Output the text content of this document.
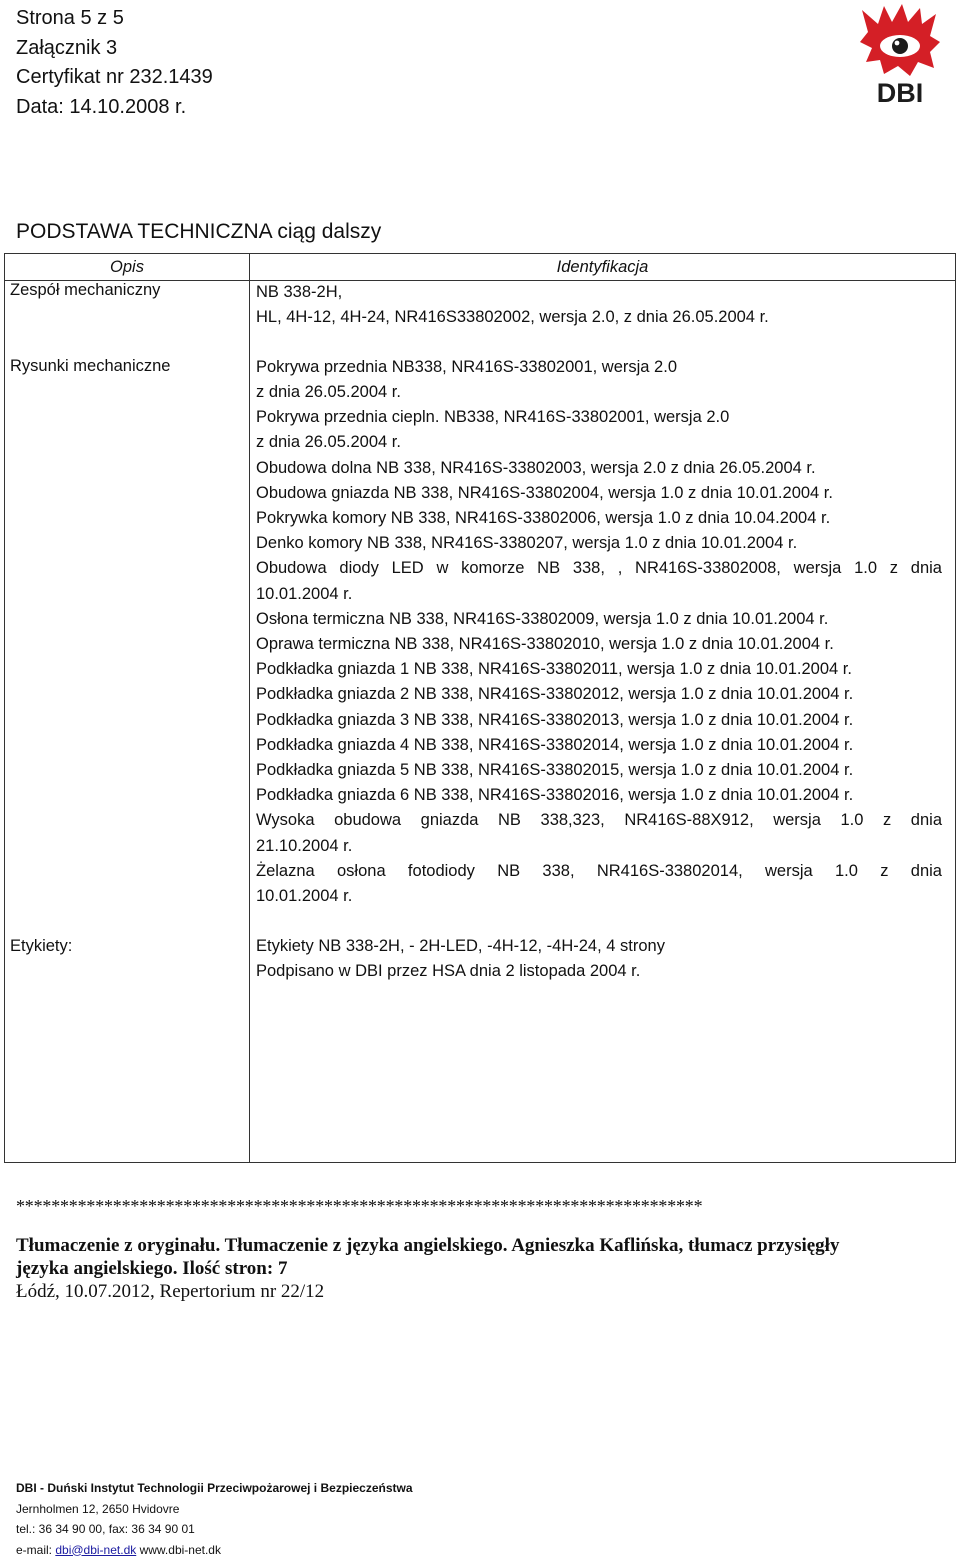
Strona 5 z 5
Załącznik 3
Certyfikat nr 232.1439
Data: 14.10.2008 r.	DBI
PODSTAWA TECHNICZNA ciąg dalszy
Opis	Identyfikacja

Zespół mechaniczny	NB 338-2H,
HL, 4H-12, 4H-24, NR416S33802002, wersja 2.0, z dnia 26.05.2004 r.
Rysunki mechaniczne	Pokrywa przednia NB338, NR416S-33802001, wersja 2.0
z dnia 26.05.2004 r.
Pokrywa przednia ciepln. NB338, NR416S-33802001, wersja 2.0
z dnia 26.05.2004 r.
Obudowa dolna NB 338, NR416S-33802003, wersja 2.0 z dnia 26.05.2004 r.
Obudowa gniazda NB 338, NR416S-33802004, wersja 1.0 z dnia 10.01.2004 r.
Pokrywka komory NB 338, NR416S-33802006, wersja 1.0 z dnia 10.04.2004 r.
Denko komory NB 338, NR416S-3380207, wersja 1.0 z dnia 10.01.2004 r.
Obudowa diody LED w komorze NB 338, , NR416S-33802008, wersja 1.0 z dnia
10.01.2004 r.
Osłona termiczna NB 338, NR416S-33802009, wersja 1.0 z dnia 10.01.2004 r.
Oprawa termiczna NB 338, NR416S-33802010, wersja 1.0 z dnia 10.01.2004 r.
Podkładka gniazda 1 NB 338, NR416S-33802011, wersja 1.0 z dnia 10.01.2004 r.
Podkładka gniazda 2 NB 338, NR416S-33802012, wersja 1.0 z dnia 10.01.2004 r.
Podkładka gniazda 3 NB 338, NR416S-33802013, wersja 1.0 z dnia 10.01.2004 r.
Podkładka gniazda 4 NB 338, NR416S-33802014, wersja 1.0 z dnia 10.01.2004 r.
Podkładka gniazda 5 NB 338, NR416S-33802015, wersja 1.0 z dnia 10.01.2004 r.
Podkładka gniazda 6 NB 338, NR416S-33802016, wersja 1.0 z dnia 10.01.2004 r.
Wysoka obudowa gniazda NB 338,323, NR416S-88X912, wersja 1.0 z dnia
21.10.2004 r.
Żelazna osłona fotodiody NB 338, NR416S-33802014, wersja 1.0 z dnia
10.01.2004 r.
Etykiety:	Etykiety NB 338-2H, - 2H-LED, -4H-12, -4H-24, 4 strony
Podpisano w DBI przez HSA dnia 2 listopada 2004 r.
******************************************************************************
Tłumaczenie z oryginału. Tłumaczenie z języka angielskiego. Agnieszka Kaflińska, tłumacz przysięgły
języka angielskiego. Ilość stron: 7
Łódź, 10.07.2012, Repertorium nr 22/12
DBI - Duński Instytut Technologii Przeciwpożarowej i Bezpieczeństwa
Jernholmen 12, 2650 Hvidovre
tel.: 36 34 90 00, fax: 36 34 90 01
e-mail: dbi@dbi-net.dk www.dbi-net.dk
